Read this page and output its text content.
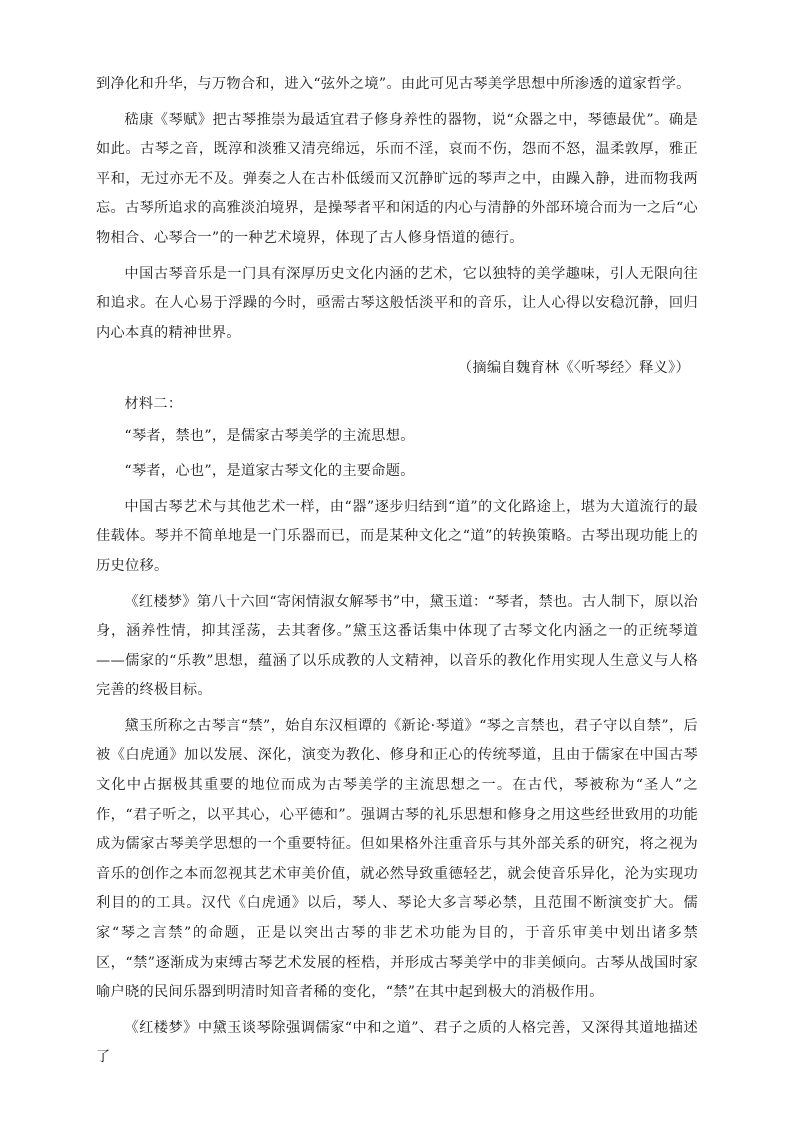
到净化和升华，与万物合和，进入“弦外之境”。由此可见古琴美学思想中所渗透的道家哲学。

嵇康《琴赋》把古琴推崇为最适宜君子修身养性的器物，说“众器之中，琴德最优”。确是如此。古琴之音，既淳和淡雅又清亮绵远，乐而不淫，哀而不伤，怨而不怒，温柔敦厚，雅正平和，无过亦无不及。弹奏之人在古朴低缓而又沉静旷远的琴声之中，由躁入静，进而物我两忘。古琴所追求的高雅淡泊境界，是操琴者平和闲适的内心与清静的外部环境合而为一之后“心物相合、心琴合一”的一种艺术境界，体现了古人修身悟道的德行。

中国古琴音乐是一门具有深厚历史文化内涵的艺术，它以独特的美学趣味，引人无限向往和追求。在人心易于浮躁的今时，亟需古琴这般恬淡平和的音乐，让人心得以安稳沉静，回归内心本真的精神世界。

（摘编自魏育林《〈听琴经〉释义》）

材料二：

“琴者，禁也”，是儒家古琴美学的主流思想。

“琴者，心也”，是道家古琴文化的主要命题。

中国古琴艺术与其他艺术一样，由“器”逐步归结到“道”的文化路途上，堪为大道流行的最佳载体。琴并不简单地是一门乐器而已，而是某种文化之“道”的转换策略。古琴出现功能上的历史位移。

《红楼梦》第八十六回“寄闲情淑女解琴书”中，黛玉道：“琴者，禁也。古人制下，原以治身，涵养性情，抑其淫荡，去其奢侈。”黛玉这番话集中体现了古琴文化内涵之一的正统琴道——儒家的“乐教”思想，蕴涵了以乐成教的人文精神，以音乐的教化作用实现人生意义与人格完善的终极目标。

黛玉所称之古琴言“禁”，始自东汉桓谭的《新论·琴道》“琴之言禁也，君子守以自禁”，后被《白虎通》加以发展、深化，演变为教化、修身和正心的传统琴道，且由于儒家在中国古琴文化中占据极其重要的地位而成为古琴美学的主流思想之一。在古代，琴被称为“圣人”之作，“君子听之，以平其心，心平德和”。强调古琴的礼乐思想和修身之用这些经世致用的功能成为儒家古琴美学思想的一个重要特征。但如果格外注重音乐与其外部关系的研究，将之视为音乐的创作之本而忽视其艺术审美价值，就必然导致重德轻艺，就会使音乐异化，沦为实现功利目的的工具。汉代《白虎通》以后，琴人、琴论大多言琴必禁，且范围不断演变扩大。儒家“琴之言禁”的命题，正是以突出古琴的非艺术功能为目的，于音乐审美中划出诸多禁区，“禁”逐渐成为束缚古琴艺术发展的桎梏，并形成古琴美学中的非美倾向。古琴从战国时家喻户晓的民间乐器到明清时知音者稀的变化，“禁”在其中起到极大的消极作用。

《红楼梦》中黛玉谈琴除强调儒家“中和之道”、君子之质的人格完善，又深得其道地描述了
